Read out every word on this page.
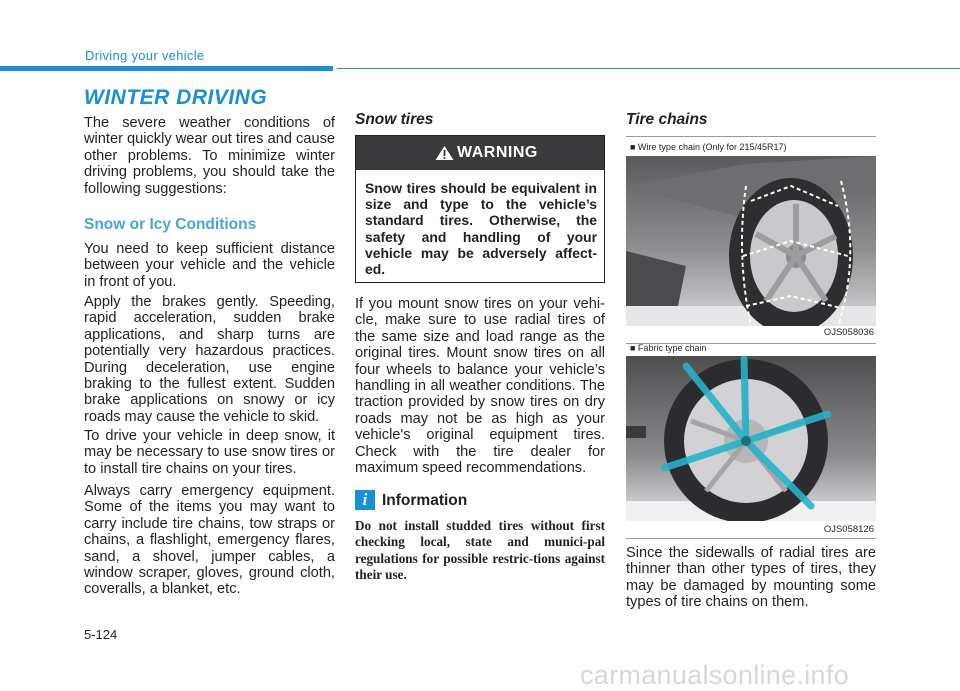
Driving your vehicle
WINTER DRIVING
The severe weather conditions of winter quickly wear out tires and cause other problems. To minimize winter driving problems, you should take the following suggestions:
Snow or Icy Conditions
You need to keep sufficient distance between your vehicle and the vehicle in front of you.
Apply the brakes gently. Speeding, rapid acceleration, sudden brake applications, and sharp turns are potentially very hazardous practices. During deceleration, use engine braking to the fullest extent. Sudden brake applications on snowy or icy roads may cause the vehicle to skid.
To drive your vehicle in deep snow, it may be necessary to use snow tires or to install tire chains on your tires.
Always carry emergency equipment. Some of the items you may want to carry include tire chains, tow straps or chains, a flashlight, emergency flares, sand, a shovel, jumper cables, a window scraper, gloves, ground cloth, coveralls, a blanket, etc.
Snow tires
WARNING
Snow tires should be equivalent in size and type to the vehicle’s standard tires. Otherwise, the safety and handling of your vehicle may be adversely affect-ed.
If you mount snow tires on your vehi-cle, make sure to use radial tires of the same size and load range as the original tires. Mount snow tires on all four wheels to balance your vehicle’s handling in all weather conditions. The traction provided by snow tires on dry roads may not be as high as your vehicle's original equipment tires. Check with the tire dealer for maximum speed recommendations.
i Information
Do not install studded tires without first checking local, state and munici-pal regulations for possible restric-tions against their use.
Tire chains
■ Wire type chain (Only for 215/45R17)
OJS058036
■ Fabric type chain
OJS058126
Since the sidewalls of radial tires are thinner than other types of tires, they may be damaged by mounting some types of tire chains on them.
5-124
carmanualsonline.info
